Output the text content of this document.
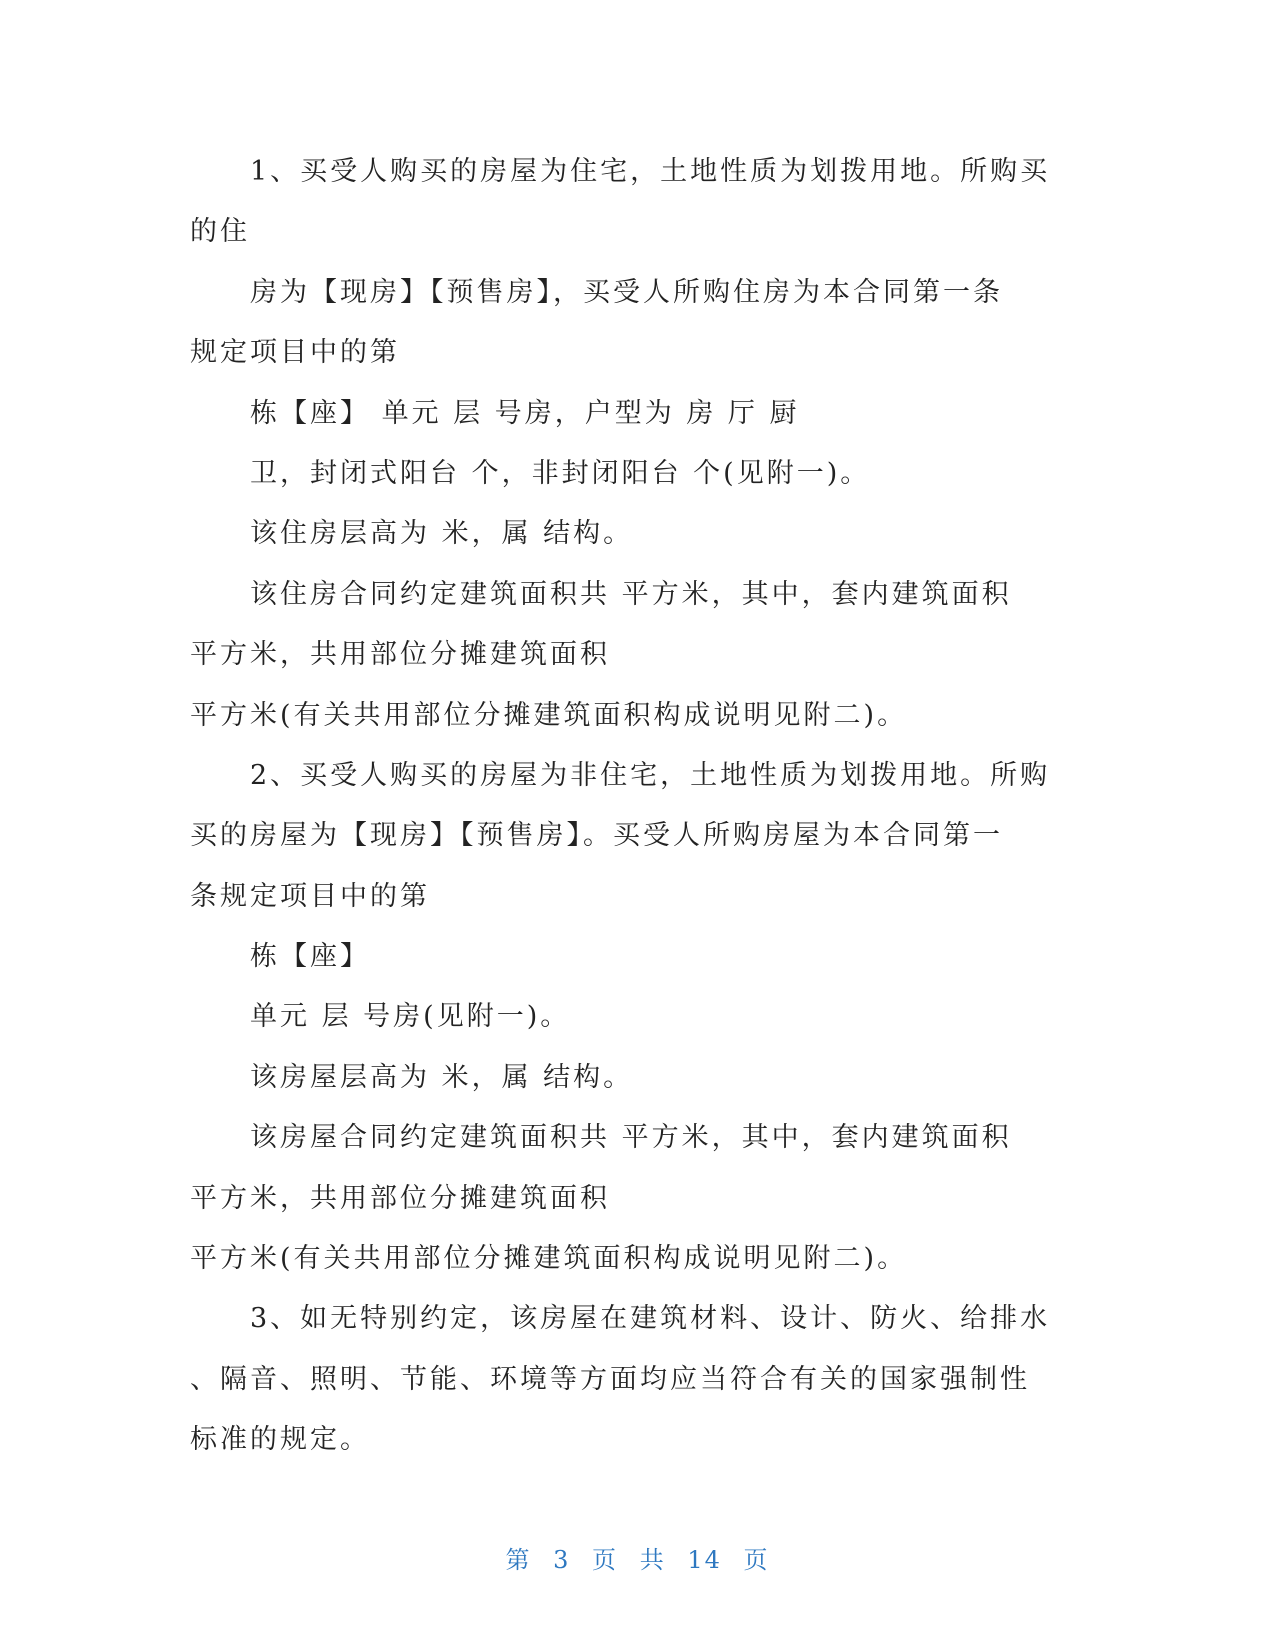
1、买受人购买的房屋为住宅，土地性质为划拨用地。所购买
的住
房为【现房】【预售房】，买受人所购住房为本合同第一条
规定项目中的第
栋【座】 单元 层 号房，户型为 房 厅 厨
卫，封闭式阳台 个，非封闭阳台 个(见附一)。
该住房层高为 米，属 结构。
该住房合同约定建筑面积共 平方米，其中，套内建筑面积
平方米，共用部位分摊建筑面积
平方米(有关共用部位分摊建筑面积构成说明见附二)。
2、买受人购买的房屋为非住宅，土地性质为划拨用地。所购
买的房屋为【现房】【预售房】。买受人所购房屋为本合同第一
条规定项目中的第
栋【座】
单元 层 号房(见附一)。
该房屋层高为 米，属 结构。
该房屋合同约定建筑面积共 平方米，其中，套内建筑面积
平方米，共用部位分摊建筑面积
平方米(有关共用部位分摊建筑面积构成说明见附二)。
3、如无特别约定，该房屋在建筑材料、设计、防火、给排水
、隔音、照明、节能、环境等方面均应当符合有关的国家强制性
标准的规定。
第 3 页 共 14 页
